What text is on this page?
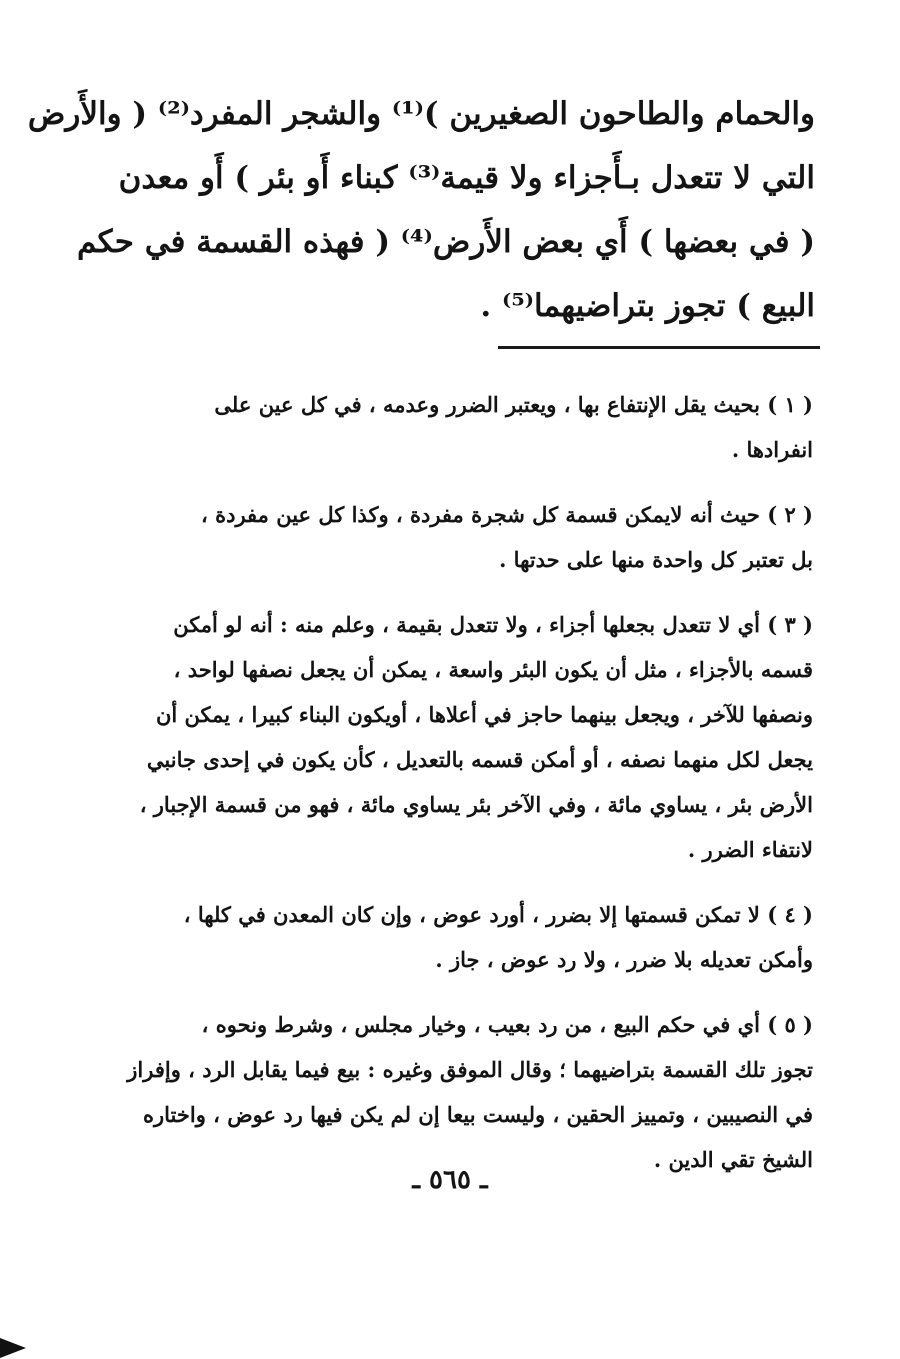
والحمام والطاحون الصغيرين )⁽¹⁾ والشجر المفرد⁽²⁾ ( والأَرض
التي لا تتعدل بـأَجزاء ولا قيمة⁽³⁾ كبناء أَو بئر ) أَو معدن
( في بعضها ) أَي بعض الأَرض⁽⁴⁾ ( فهذه القسمة في حكم
البيع ) تجوز بتراضيهما⁽⁵⁾ .
( ١ ) بحيث يقل الإنتفاع بها ، ويعتبر الضرر وعدمه ، في كل عين على
انفرادها .
( ٢ ) حيث أنه لايمكن قسمة كل شجرة مفردة ، وكذا كل عين مفردة ،
بل تعتبر كل واحدة منها على حدتها .
( ٣ ) أي لا تتعدل بجعلها أجزاء ، ولا تتعدل بقيمة ، وعلم منه : أنه لو أمكن
قسمه بالأجزاء ، مثل أن يكون البئر واسعة ، يمكن أن يجعل نصفها لواحد ،
ونصفها للآخر ، ويجعل بينهما حاجز في أعلاها ، أويكون البناء كبيرا ، يمكن أن
يجعل لكل منهما نصفه ، أو أمكن قسمه بالتعديل ، كأن يكون في إحدى جانبي
الأرض بئر ، يساوي مائة ، وفي الآخر بئر يساوي مائة ، فهو من قسمة الإجبار ،
لانتفاء الضرر .
( ٤ ) لا تمكن قسمتها إلا بضرر ، أورد عوض ، وإن كان المعدن في كلها ،
وأمكن تعديله بلا ضرر ، ولا رد عوض ، جاز .
( ٥ ) أي في حكم البيع ، من رد بعيب ، وخيار مجلس ، وشرط ونحوه ،
تجوز تلك القسمة بتراضيهما ؛ وقال الموفق وغيره : بيع فيما يقابل الرد ، وإفراز
في النصيبين ، وتمييز الحقين ، وليست بيعا إن لم يكن فيها رد عوض ، واختاره
الشيخ تقي الدين .
ـ ٥٦٥ ـ
